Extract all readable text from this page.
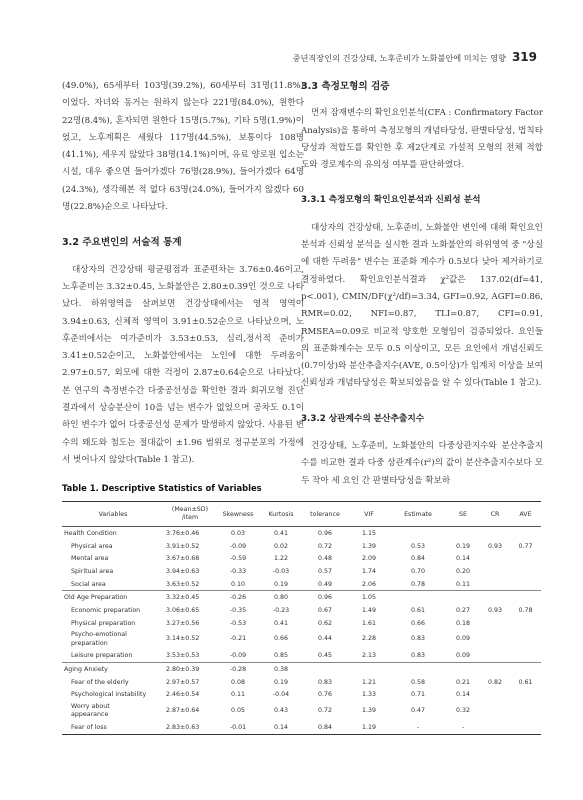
중년직장인의 건강상태, 노후준비가 노화불안에 미치는 영향 319

(49.0%), 65세부터 103명(39.2%), 60세부터 31명(11.8%)이었다. 자녀와 동거는 원하지 않는다 221명(84.0%), 원한다 22명(8.4%), 혼자되면 원한다 15명(5.7%), 기타 5명(1.9%)이었고, 노후계획은 세웠다 117명(44.5%), 보통이다 108명(41.1%), 세우지 않았다 38명(14.1%)이며, 유료 양로원 입소는 시설, 대우 좋으면 들어가겠다 76명(28.9%), 들어가겠다 64명(24.3%), 생각해본 적 없다 63명(24.0%), 들어가지 않겠다 60명(22.8%)순으로 나타났다.

3.2 주요변인의 서술적 통계

대상자의 건강상태 평균평점과 표준편차는 3.76±0.46이고, 노후준비는 3.32±0.45, 노화불안은 2.80±0.39인 것으로 나타났다. 하위영역을 살펴보면 건강상태에서는 영적 영역이 3.94±0.63, 신체적 영역이 3.91±0.52순으로 나타났으며, 노후준비에서는 여가준비가 3.53±0.53, 심리,정서적 준비가 3.41±0.52순이고, 노화불안에서는 노인에 대한 두려움이 2.97±0.57, 외모에 대한 걱정이 2.87±0.64순으로 나타났다. 본 연구의 측정변수간 다중공선성을 확인한 결과 회귀모형 진단결과에서 상승분산이 10을 넘는 변수가 없었으며 공차도 0.1이하인 변수가 없어 다중공선성 문제가 발생하지 않았다. 사용된 변수의 왜도와 첨도는 절대값이 ±1.96 범위로 정규분포의 가정에서 벗어나지 않았다(Table 1 참고).

3.3 측정모형의 검증

먼저 잠재변수의 확인요인분석(CFA : Confirmatory Factor Analysis)을 통하여 측정모형의 개념타당성, 판별타당성, 법칙타당성과 적합도를 확인한 후 제2단계로 가설적 모형의 전체 적합도와 경로계수의 유의성 여부를 판단하였다.

3.3.1 측정모형의 확인요인분석과 신뢰성 분석

대상자의 건강상태, 노후준비, 노화불안 변인에 대해 확인요인분석과 신뢰성 분석을 실시한 결과 노화불안의 하위영역 중 "상실에 대한 두려움" 변수는 표준화 계수가 0.5보다 낮아 제거하기로 결정하였다. 확인요인분석결과 χ²값은 137.02(df=41, p<.001), CMIN/DF(χ²/df)=3.34, GFI=0.92, AGFI=0.86, RMR=0.02, NFI=0.87, TLI=0.87, CFI=0.91, RMSEA=0.09로 비교적 양호한 모형임이 검증되었다. 요인들의 표준화계수는 모두 0.5 이상이고, 모든 요인에서 개념신뢰도(0.7이상)와 분산추출지수(AVE, 0.5이상)가 임계치 이상을 보여 신뢰성과 개념타당성은 확보되었음을 알 수 있다(Table 1 참고).

3.3.2 상관계수의 분산추출지수

건강상태, 노후준비, 노화불안의 다중상관지수와 분산추출지수를 비교한 결과 다중 상관계수(r²)의 값이 분산추출지수보다 모두 작아 세 요인 간 판별타당성을 확보하

Table 1. Descriptive Statistics of Variables
Variables	(Mean±SD)
/item	Skewness	Kurtosis	tolerance	VIF	Estimate	SE	CR	AVE
Health Condition	3.76±0.46	0.03	0.41	0.96	1.15				
Physical area	3.91±0.52	-0.09	0.02	0.72	1.39	0.53	0.19	0.93	0.77
Mental area	3.67±0.68	-0.59	1.22	0.48	2.09	0.84	0.14		
Spiritual area	3.94±0.63	-0.33	-0.03	0.57	1.74	0.70	0.20		
Social area	3.63±0.52	0.10	0.19	0.49	2.06	0.78	0.11		
Old Age Preparation	3.32±0.45	-0.26	0.80	0.96	1.05				
Economic preparation	3.06±0.65	-0.35	-0.23	0.67	1.49	0.61	0.27	0.93	0.78
Physical preparation	3.27±0.56	-0.53	0.41	0.62	1.61	0.66	0.18		
Psycho-emotional
preparation	3.14±0.52	-0.21	0.66	0.44	2.28	0.83	0.09		
Leisure preparation	3.53±0.53	-0.09	0.85	0.45	2.13	0.83	0.09		
Aging Anxiety	2.80±0.39	-0.28	0.38						
Fear of the elderly	2.97±0.57	0.08	0.19	0.83	1.21	0.58	0.21	0.82	0.61
Psychological instability	2.46±0.54	0.11	-0.04	0.76	1.33	0.71	0.14		
Worry about
appearance	2.87±0.64	0.05	0.43	0.72	1.39	0.47	0.32		
Fear of loss	2.83±0.63	-0.01	0.14	0.84	1.19	-	-		
